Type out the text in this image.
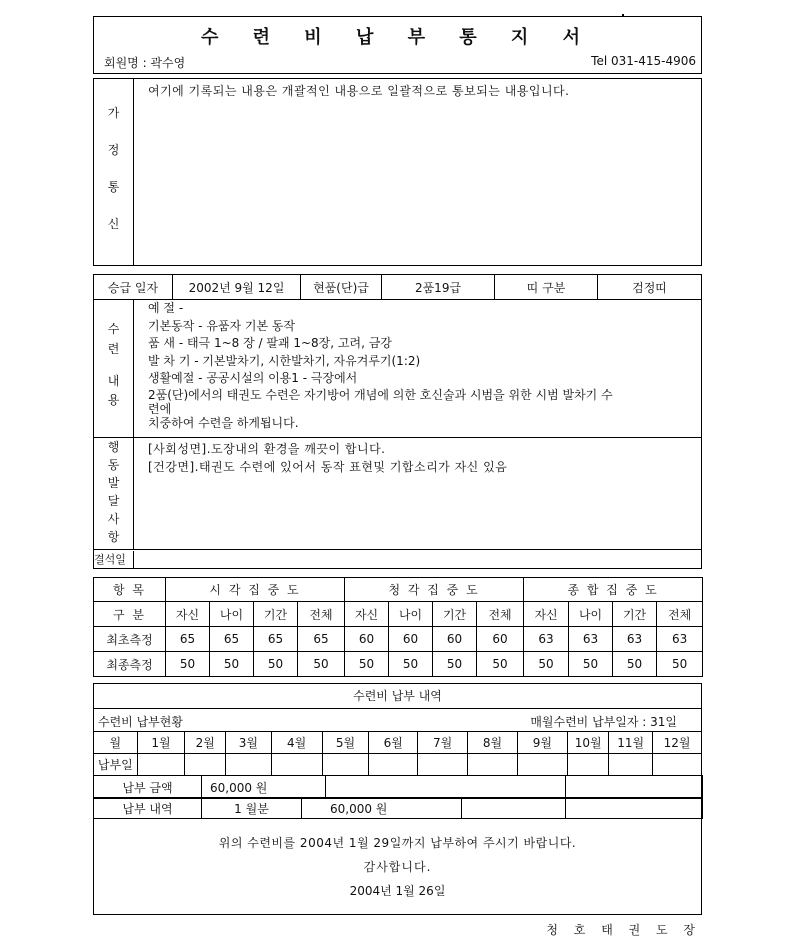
수 련 비 납 부 통 지 서
회원명 : 곽수영	Tel 031-415-4906
가
정
통
신
여기에 기록되는 내용은 개괄적인 내용으로 일괄적으로 통보되는 내용입니다.
승급 일자	2002년 9월 12일	현품(단)급	2품19급	띠 구분	검정띠
수
련
내
용
예 절 -
기본동작 - 유품자 기본 동작
품 새 - 태극 1~8 장 / 팔괘 1~8장, 고려, 금강
발 차 기 - 기본발차기, 시한발차기, 자유겨루기(1:2)
생활예절 - 공공시설의 이용1 - 극장에서
2품(단)에서의 태권도 수련은 자기방어 개념에 의한 호신술과 시범을 위한 시범 발차기 수
련에
치중하여 수련을 하게됩니다.
행
동
발
달
사
항
[사회성면].도장내의 환경을 깨끗이 합니다.
[건강면].태권도 수련에 있어서 동작 표현및 기합소리가 자신 있음
결석일
항 목	시 각 집 중 도				청 각 집 중 도				종 합 집 중 도			
구 분	자신	나이	기간	전체	자신	나이	기간	전체	자신	나이	기간	전체
최초측정	65	65	65	65	60	60	60	60	63	63	63	63
최종측정	50	50	50	50	50	50	50	50	50	50	50	50
수련비 납부 내역
수련비 납부현황	매월수련비 납부일자 : 31일
월	1월	2월	3월	4월	5월	6월	7월	8월	9월	10월	11월	12월
납부일												
납부 금액	60,000 원		
납부 내역	1 월분	60,000 원		
위의 수련비를 2004년 1월 29일까지 납부하여 주시기 바랍니다.
감사합니다.
2004년 1월 26일
청 호 태 권 도 장
